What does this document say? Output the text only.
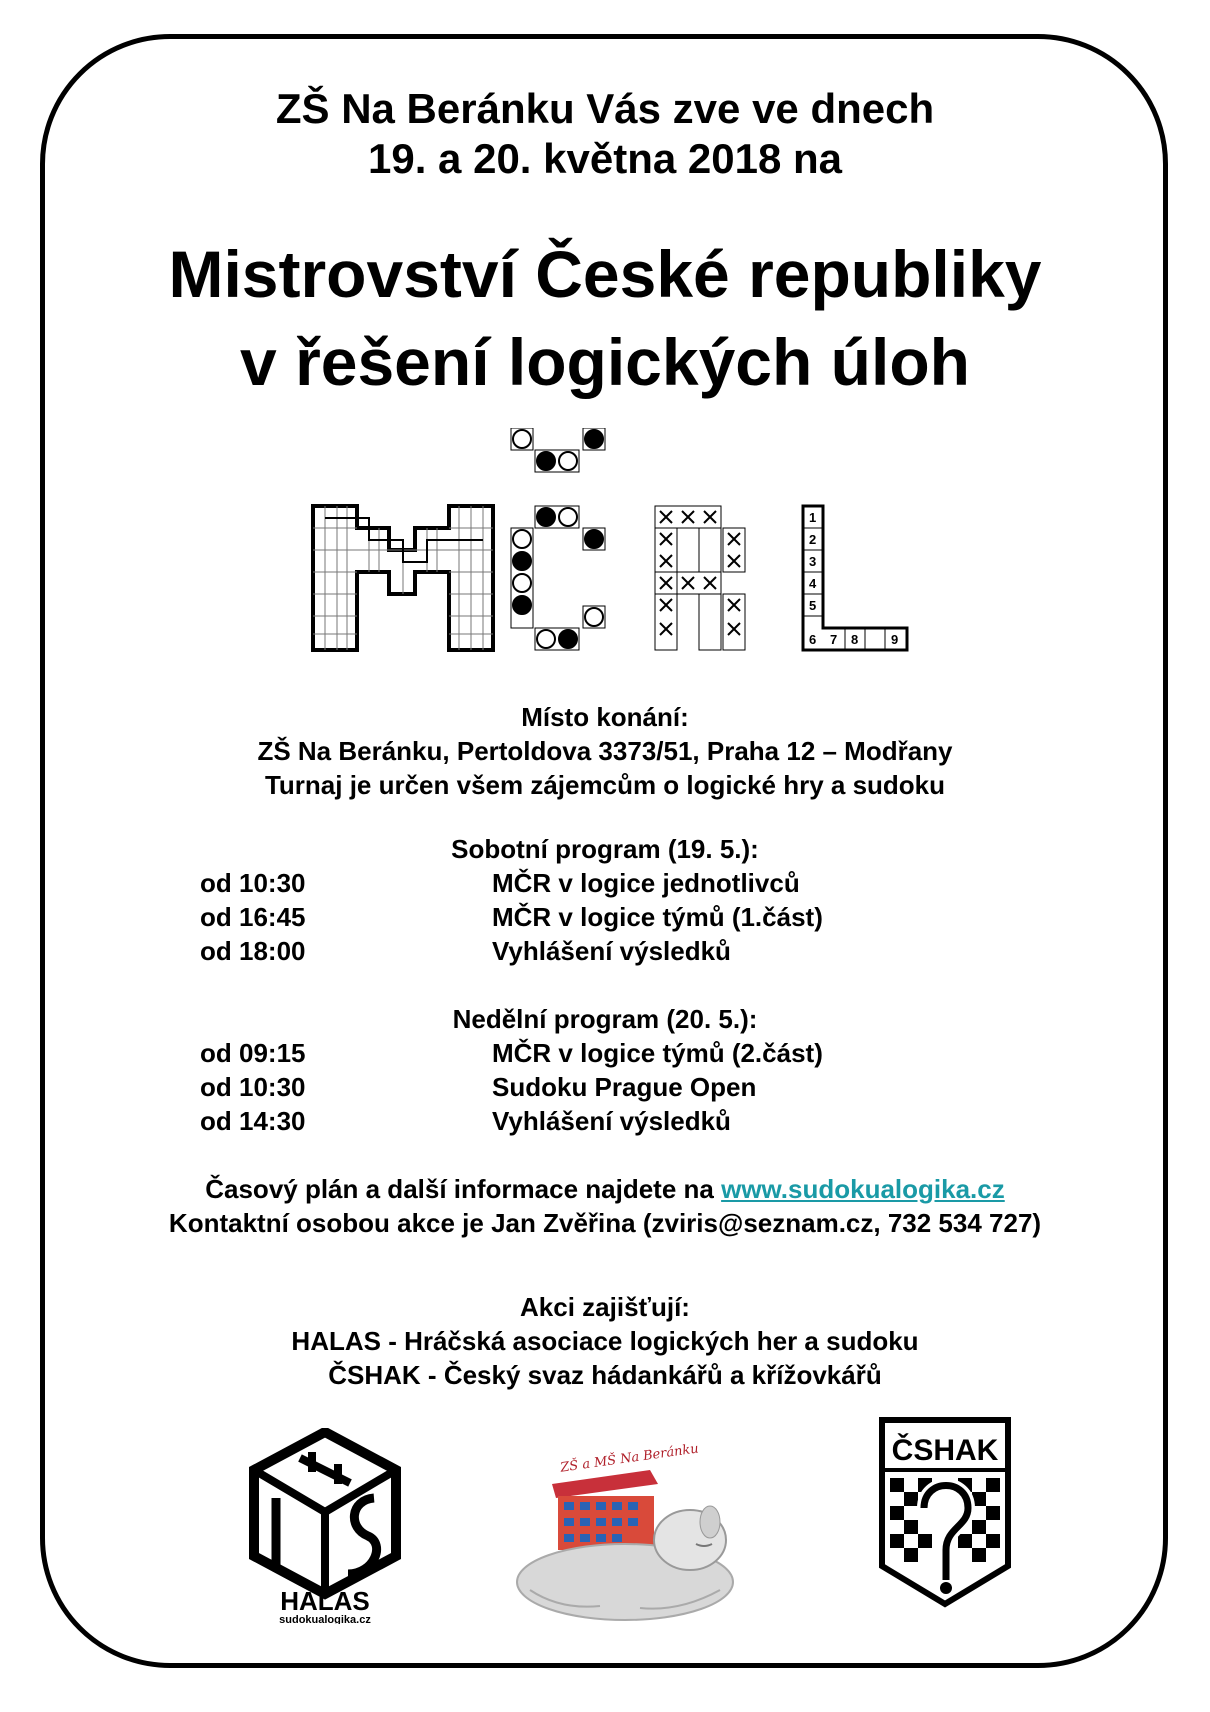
ZŠ Na Beránku Vás zve ve dnech
19. a 20. května 2018 na
Mistrovství České republiky
v řešení logických úloh
1
2
3
4
5
6 7 8	9
Místo konání:
ZŠ Na Beránku, Pertoldova 3373/51, Praha 12 – Modřany
Turnaj je určen všem zájemcům o logické hry a sudoku
Sobotní program (19. 5.):
od 10:30	MČR v logice jednotlivců
od 16:45	MČR v logice týmů (1.část)
od 18:00	Vyhlášení výsledků
Nedělní program (20. 5.):
od 09:15	MČR v logice týmů (2.část)
od 10:30	Sudoku Prague Open
od 14:30	Vyhlášení výsledků
Časový plán a další informace najdete na www.sudokualogika.cz
Kontaktní osobou akce je Jan Zvěřina (zviris@seznam.cz, 732 534 727)
Akci zajišťují:
HALAS - Hráčská asociace logických her a sudoku
ČSHAK - Český svaz hádankářů a křížovkářů
HALAS
sudokualogika.cz
ZŠ a MŠ Na Beránku	ČSHAK
